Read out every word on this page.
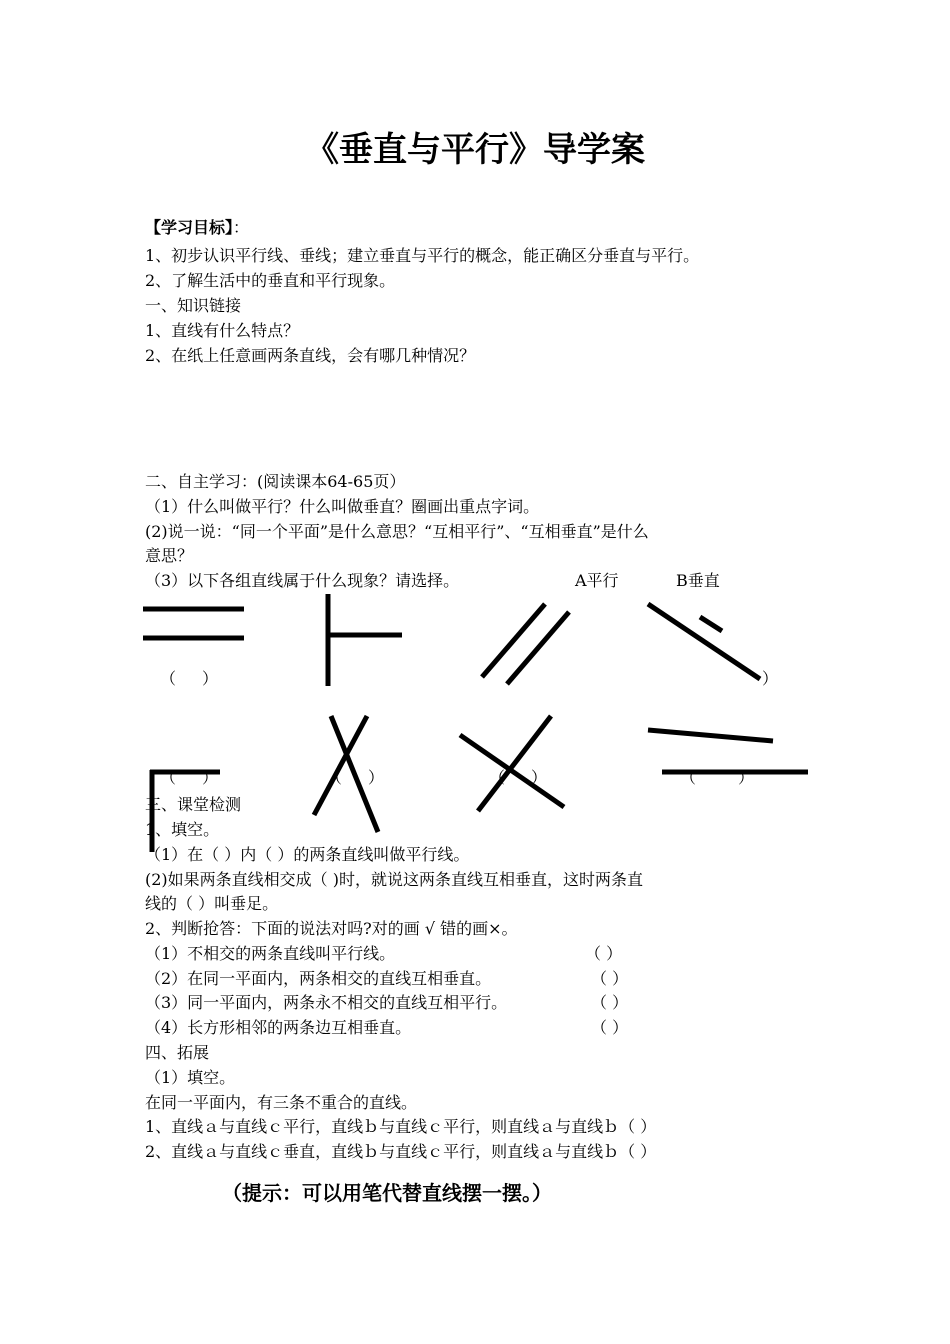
《垂直与平行》导学案
【学习目标】：
1、初步认识平行线、垂线；建立垂直与平行的概念，能正确区分垂直与平行。
2、了解生活中的垂直和平行现象。
一、知识链接
1、直线有什么特点？
2、在纸上任意画两条直线，会有哪几种情况？
二、自主学习：(阅读课本64-65页）
（1）什么叫做平行？什么叫做垂直？圈画出重点字词。
(2)说一说：“同一个平面”是什么意思？“互相平行”、“互相垂直”是什么
意思？
（3）以下各组直线属于什么现象？请选择。	A平行	B垂直
（ ）	）
（ ）	（ ）	（ ）	（	）
三、课堂检测
1、填空。
（1）在（ ）内（ ）的两条直线叫做平行线。
(2)如果两条直线相交成（ )时，就说这两条直线互相垂直，这时两条直
线的（ ）叫垂足。
2、判断抢答：下面的说法对吗?对的画 √ 错的画×。
（1）不相交的两条直线叫平行线。	（ ）
（2）在同一平面内，两条相交的直线互相垂直。	（ ）
（3）同一平面内，两条永不相交的直线互相平行。	（ ）
（4）长方形相邻的两条边互相垂直。	（ ）
四、拓展
（1）填空。
在同一平面内，有三条不重合的直线。
1、直线ａ与直线ｃ平行，直线ｂ与直线ｃ平行，则直线ａ与直线ｂ（ ）
2、直线ａ与直线ｃ垂直，直线ｂ与直线ｃ平行，则直线ａ与直线ｂ（ ）
（提示：可以用笔代替直线摆一摆。）
